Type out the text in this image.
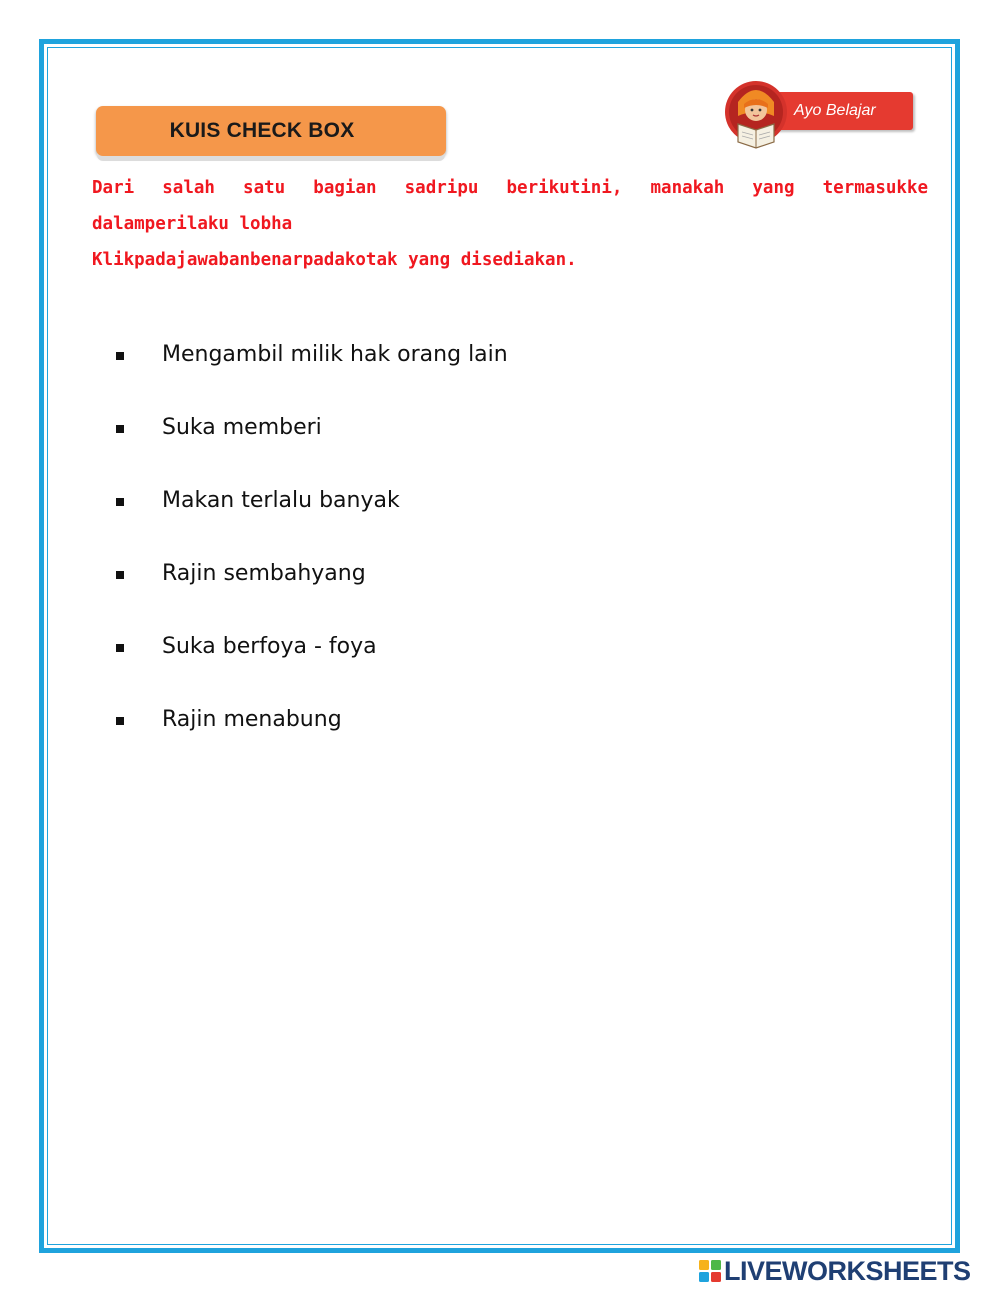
KUIS CHECK BOX
Ayo Belajar

Dari salah satu bagian sadripu berikutini, manakah yang termasukke dalamperilaku lobha

Klikpadajawabanbenarpadakotak yang disediakan.

Mengambil milik hak orang lain
Suka memberi
Makan terlalu banyak
Rajin sembahyang
Suka berfoya - foya
Rajin menabung
LIVEWORKSHEETS
